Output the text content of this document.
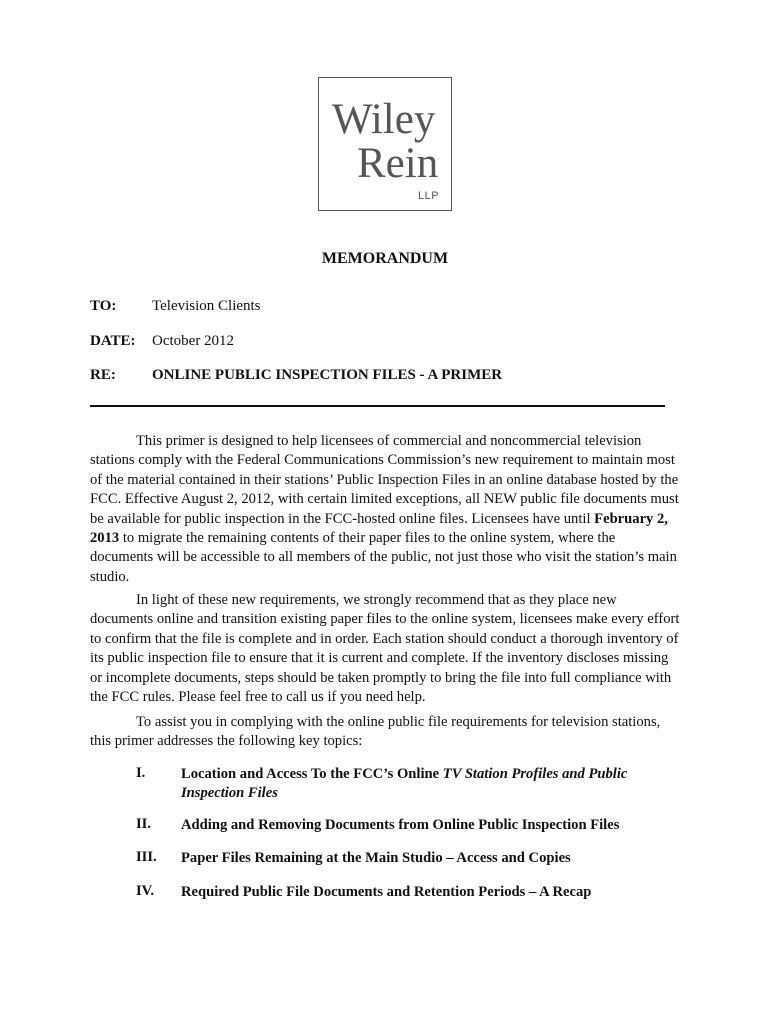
Wiley
Rein
LLP
MEMORANDUM
TO: Television Clients
DATE: October 2012
RE: ONLINE PUBLIC INSPECTION FILES - A PRIMER

This primer is designed to help licensees of commercial and noncommercial television stations comply with the Federal Communications Commission’s new requirement to maintain most of the material contained in their stations’ Public Inspection Files in an online database hosted by the FCC. Effective August 2, 2012, with certain limited exceptions, all NEW public file documents must be available for public inspection in the FCC-hosted online files. Licensees have until February 2, 2013 to migrate the remaining contents of their paper files to the online system, where the documents will be accessible to all members of the public, not just those who visit the station’s main studio.

In light of these new requirements, we strongly recommend that as they place new documents online and transition existing paper files to the online system, licensees make every effort to confirm that the file is complete and in order. Each station should conduct a thorough inventory of its public inspection file to ensure that it is current and complete. If the inventory discloses missing or incomplete documents, steps should be taken promptly to bring the file into full compliance with the FCC rules. Please feel free to call us if you need help.

To assist you in complying with the online public file requirements for television stations, this primer addresses the following key topics:

I. Location and Access To the FCC’s Online TV Station Profiles and Public Inspection Files
II. Adding and Removing Documents from Online Public Inspection Files
III. Paper Files Remaining at the Main Studio – Access and Copies
IV. Required Public File Documents and Retention Periods – A Recap
